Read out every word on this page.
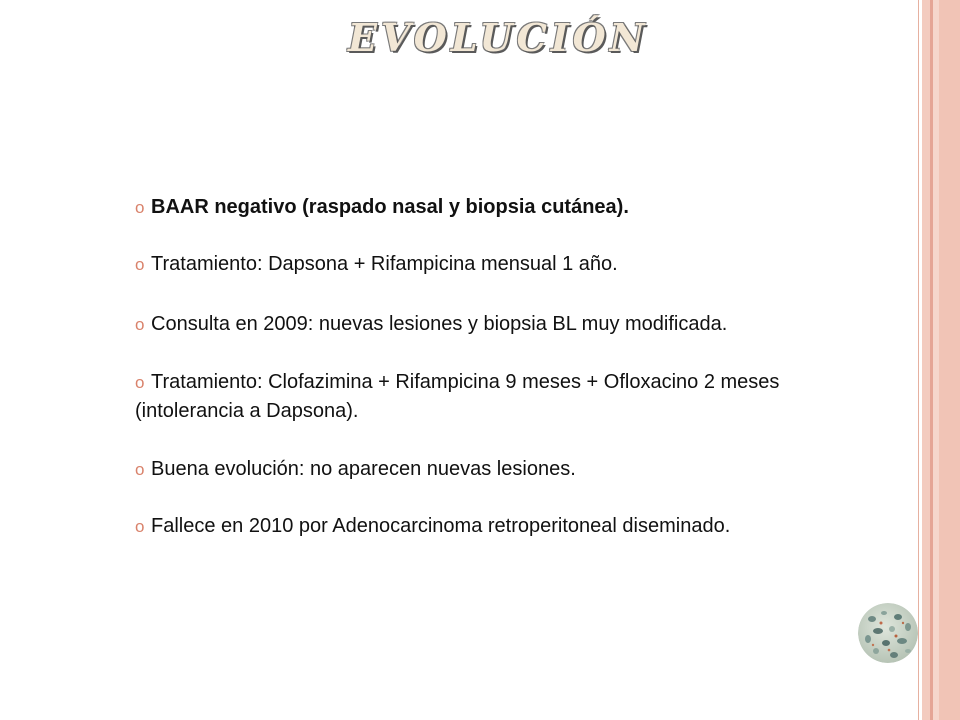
EVOLUCIÓN
o BAAR negativo (raspado nasal y biopsia cutánea).
o Tratamiento: Dapsona + Rifampicina mensual 1 año.
o Consulta en 2009: nuevas lesiones y biopsia BL muy modificada.
o Tratamiento: Clofazimina + Rifampicina 9 meses + Ofloxacino 2 meses (intolerancia a Dapsona).
o Buena evolución: no aparecen nuevas lesiones.
o Fallece en 2010 por Adenocarcinoma retroperitoneal diseminado.
